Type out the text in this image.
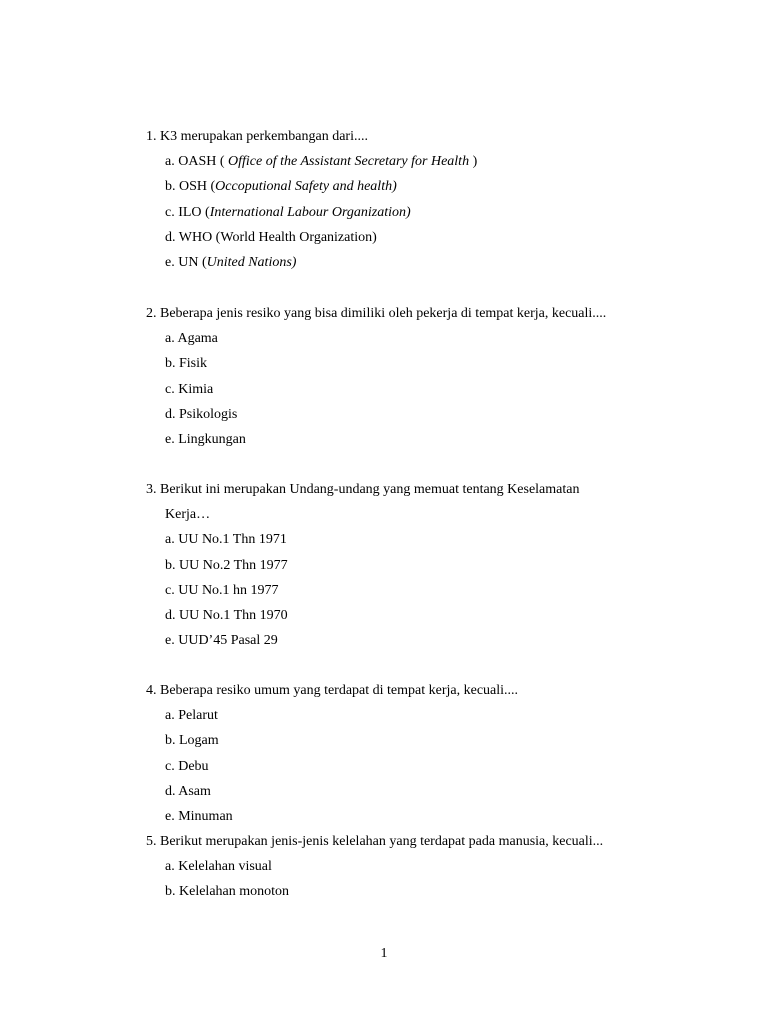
1. K3 merupakan perkembangan dari....
a. OASH ( Office of the Assistant Secretary for Health )
b. OSH (Occoputional Safety and health)
c. ILO (International Labour Organization)
d. WHO (World Health Organization)
e. UN (United Nations)
2. Beberapa jenis resiko yang bisa dimiliki oleh pekerja di tempat kerja, kecuali....
a. Agama
b. Fisik
c. Kimia
d. Psikologis
e. Lingkungan
3. Berikut ini merupakan Undang-undang yang memuat tentang Keselamatan
Kerja…
a. UU No.1 Thn 1971
b. UU No.2 Thn 1977
c. UU No.1 hn 1977
d. UU No.1 Thn 1970
e. UUD’45 Pasal 29
4. Beberapa resiko umum yang terdapat di tempat kerja, kecuali....
a. Pelarut
b. Logam
c. Debu
d. Asam
e. Minuman
5. Berikut merupakan jenis-jenis kelelahan yang terdapat pada manusia, kecuali...
a. Kelelahan visual
b. Kelelahan monoton
1
